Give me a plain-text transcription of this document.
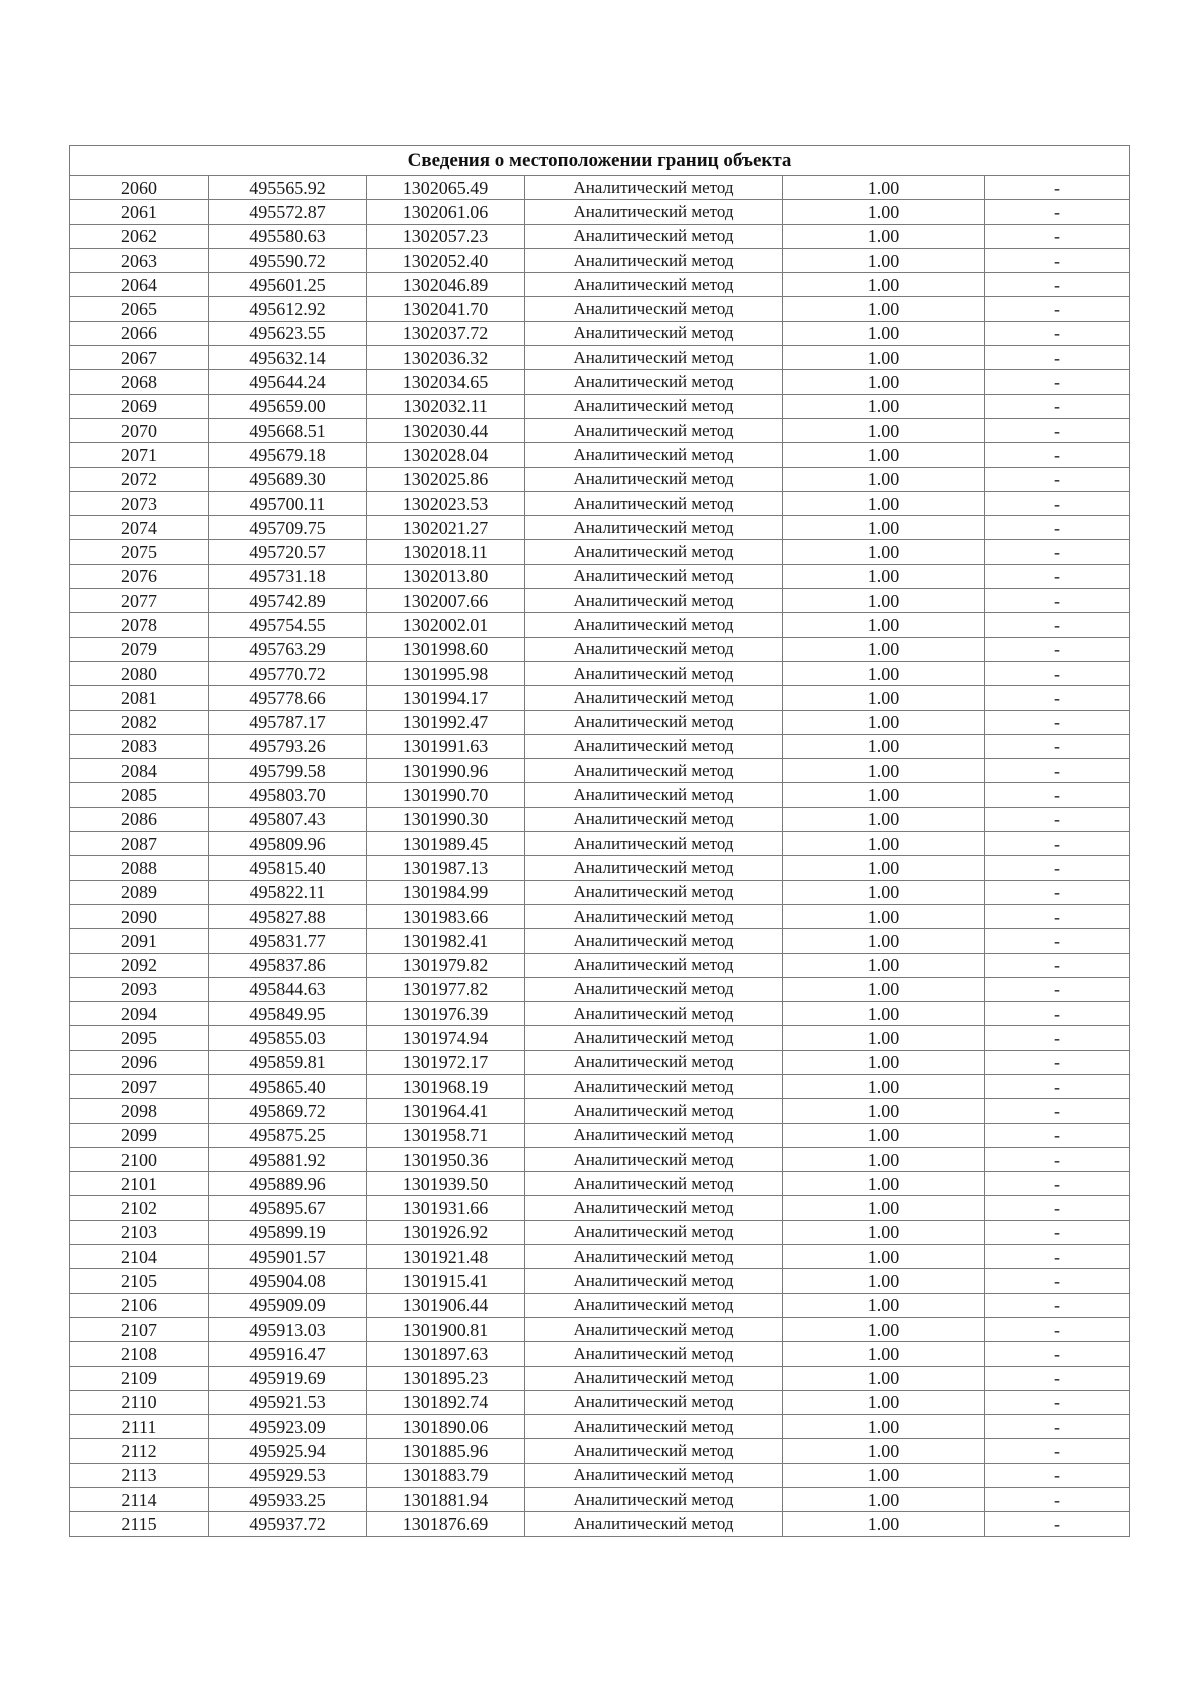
Сведения о местоположении границ объекта					
2060	495565.92	1302065.49	Аналитический метод	1.00	-
2061	495572.87	1302061.06	Аналитический метод	1.00	-
2062	495580.63	1302057.23	Аналитический метод	1.00	-
2063	495590.72	1302052.40	Аналитический метод	1.00	-
2064	495601.25	1302046.89	Аналитический метод	1.00	-
2065	495612.92	1302041.70	Аналитический метод	1.00	-
2066	495623.55	1302037.72	Аналитический метод	1.00	-
2067	495632.14	1302036.32	Аналитический метод	1.00	-
2068	495644.24	1302034.65	Аналитический метод	1.00	-
2069	495659.00	1302032.11	Аналитический метод	1.00	-
2070	495668.51	1302030.44	Аналитический метод	1.00	-
2071	495679.18	1302028.04	Аналитический метод	1.00	-
2072	495689.30	1302025.86	Аналитический метод	1.00	-
2073	495700.11	1302023.53	Аналитический метод	1.00	-
2074	495709.75	1302021.27	Аналитический метод	1.00	-
2075	495720.57	1302018.11	Аналитический метод	1.00	-
2076	495731.18	1302013.80	Аналитический метод	1.00	-
2077	495742.89	1302007.66	Аналитический метод	1.00	-
2078	495754.55	1302002.01	Аналитический метод	1.00	-
2079	495763.29	1301998.60	Аналитический метод	1.00	-
2080	495770.72	1301995.98	Аналитический метод	1.00	-
2081	495778.66	1301994.17	Аналитический метод	1.00	-
2082	495787.17	1301992.47	Аналитический метод	1.00	-
2083	495793.26	1301991.63	Аналитический метод	1.00	-
2084	495799.58	1301990.96	Аналитический метод	1.00	-
2085	495803.70	1301990.70	Аналитический метод	1.00	-
2086	495807.43	1301990.30	Аналитический метод	1.00	-
2087	495809.96	1301989.45	Аналитический метод	1.00	-
2088	495815.40	1301987.13	Аналитический метод	1.00	-
2089	495822.11	1301984.99	Аналитический метод	1.00	-
2090	495827.88	1301983.66	Аналитический метод	1.00	-
2091	495831.77	1301982.41	Аналитический метод	1.00	-
2092	495837.86	1301979.82	Аналитический метод	1.00	-
2093	495844.63	1301977.82	Аналитический метод	1.00	-
2094	495849.95	1301976.39	Аналитический метод	1.00	-
2095	495855.03	1301974.94	Аналитический метод	1.00	-
2096	495859.81	1301972.17	Аналитический метод	1.00	-
2097	495865.40	1301968.19	Аналитический метод	1.00	-
2098	495869.72	1301964.41	Аналитический метод	1.00	-
2099	495875.25	1301958.71	Аналитический метод	1.00	-
2100	495881.92	1301950.36	Аналитический метод	1.00	-
2101	495889.96	1301939.50	Аналитический метод	1.00	-
2102	495895.67	1301931.66	Аналитический метод	1.00	-
2103	495899.19	1301926.92	Аналитический метод	1.00	-
2104	495901.57	1301921.48	Аналитический метод	1.00	-
2105	495904.08	1301915.41	Аналитический метод	1.00	-
2106	495909.09	1301906.44	Аналитический метод	1.00	-
2107	495913.03	1301900.81	Аналитический метод	1.00	-
2108	495916.47	1301897.63	Аналитический метод	1.00	-
2109	495919.69	1301895.23	Аналитический метод	1.00	-
2110	495921.53	1301892.74	Аналитический метод	1.00	-
2111	495923.09	1301890.06	Аналитический метод	1.00	-
2112	495925.94	1301885.96	Аналитический метод	1.00	-
2113	495929.53	1301883.79	Аналитический метод	1.00	-
2114	495933.25	1301881.94	Аналитический метод	1.00	-
2115	495937.72	1301876.69	Аналитический метод	1.00	-
